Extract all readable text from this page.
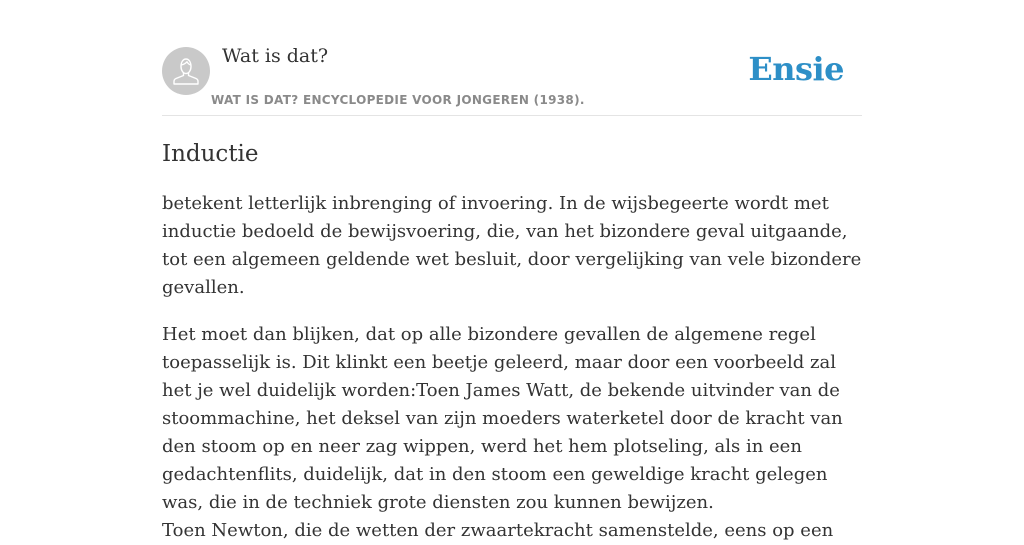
Wat is dat?
WAT IS DAT? ENCYCLOPEDIE VOOR JONGEREN (1938).
Ensie
Inductie

betekent letterlijk inbrenging of invoering. In de wijsbegeerte wordt met inductie bedoeld de bewijsvoering, die, van het bizondere geval uitgaande, tot een algemeen geldende wet besluit, door vergelijking van vele bizondere gevallen.

Het moet dan blijken, dat op alle bizondere gevallen de algemene regel toepasselijk is. Dit klinkt een beetje geleerd, maar door een voorbeeld zal het je wel duidelijk worden:Toen James Watt, de bekende uitvinder van de stoommachine, het deksel van zijn moeders waterketel door de kracht van den stoom op en neer zag wippen, werd het hem plotseling, als in een gedachtenflits, duidelijk, dat in den stoom een geweldige kracht gelegen was, die in de techniek grote diensten zou kunnen bewijzen.

Toen Newton, die de wetten der zwaartekracht samenstelde, eens op een
